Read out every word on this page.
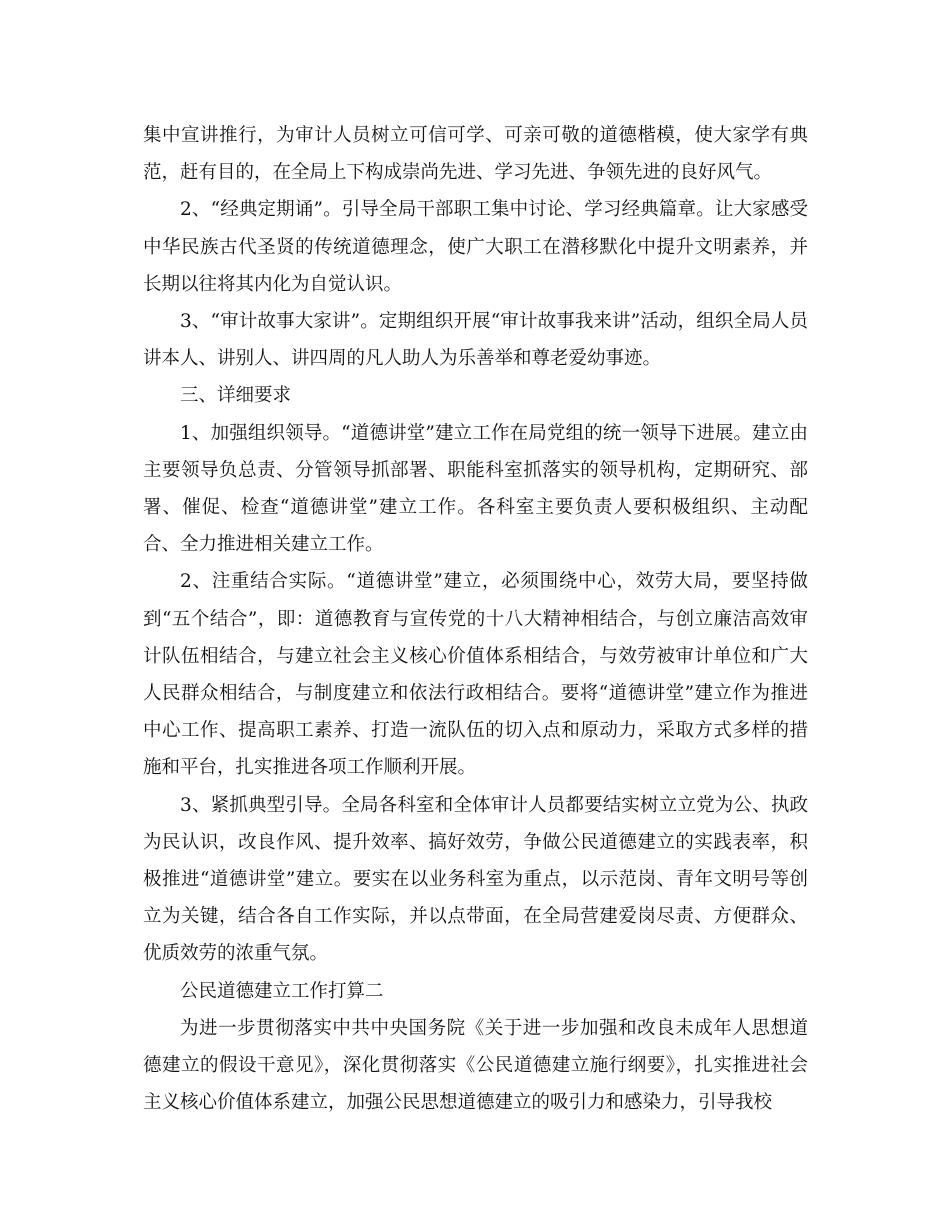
集中宣讲推行，为审计人员树立可信可学、可亲可敬的道德楷模，使大家学有典范，赶有目的，在全局上下构成崇尚先进、学习先进、争领先进的良好风气。

2、“经典定期诵”。引导全局干部职工集中讨论、学习经典篇章。让大家感受中华民族古代圣贤的传统道德理念，使广大职工在潜移默化中提升文明素养，并长期以往将其内化为自觉认识。

3、“审计故事大家讲”。定期组织开展“审计故事我来讲”活动，组织全局人员讲本人、讲别人、讲四周的凡人助人为乐善举和尊老爱幼事迹。

三、详细要求

1、加强组织领导。“道德讲堂”建立工作在局党组的统一领导下进展。建立由主要领导负总责、分管领导抓部署、职能科室抓落实的领导机构，定期研究、部署、催促、检查“道德讲堂”建立工作。各科室主要负责人要积极组织、主动配合、全力推进相关建立工作。

2、注重结合实际。“道德讲堂”建立，必须围绕中心，效劳大局，要坚持做到“五个结合”，即：道德教育与宣传党的十八大精神相结合，与创立廉洁高效审计队伍相结合，与建立社会主义核心价值体系相结合，与效劳被审计单位和广大人民群众相结合，与制度建立和依法行政相结合。要将“道德讲堂”建立作为推进中心工作、提高职工素养、打造一流队伍的切入点和原动力，采取方式多样的措施和平台，扎实推进各项工作顺利开展。

3、紧抓典型引导。全局各科室和全体审计人员都要结实树立立党为公、执政为民认识，改良作风、提升效率、搞好效劳，争做公民道德建立的实践表率，积极推进“道德讲堂”建立。要实在以业务科室为重点，以示范岗、青年文明号等创立为关键，结合各自工作实际，并以点带面，在全局营建爱岗尽责、方便群众、优质效劳的浓重气氛。

公民道德建立工作打算二

为进一步贯彻落实中共中央国务院《关于进一步加强和改良未成年人思想道德建立的假设干意见》，深化贯彻落实《公民道德建立施行纲要》，扎实推进社会主义核心价值体系建立，加强公民思想道德建立的吸引力和感染力，引导我校
